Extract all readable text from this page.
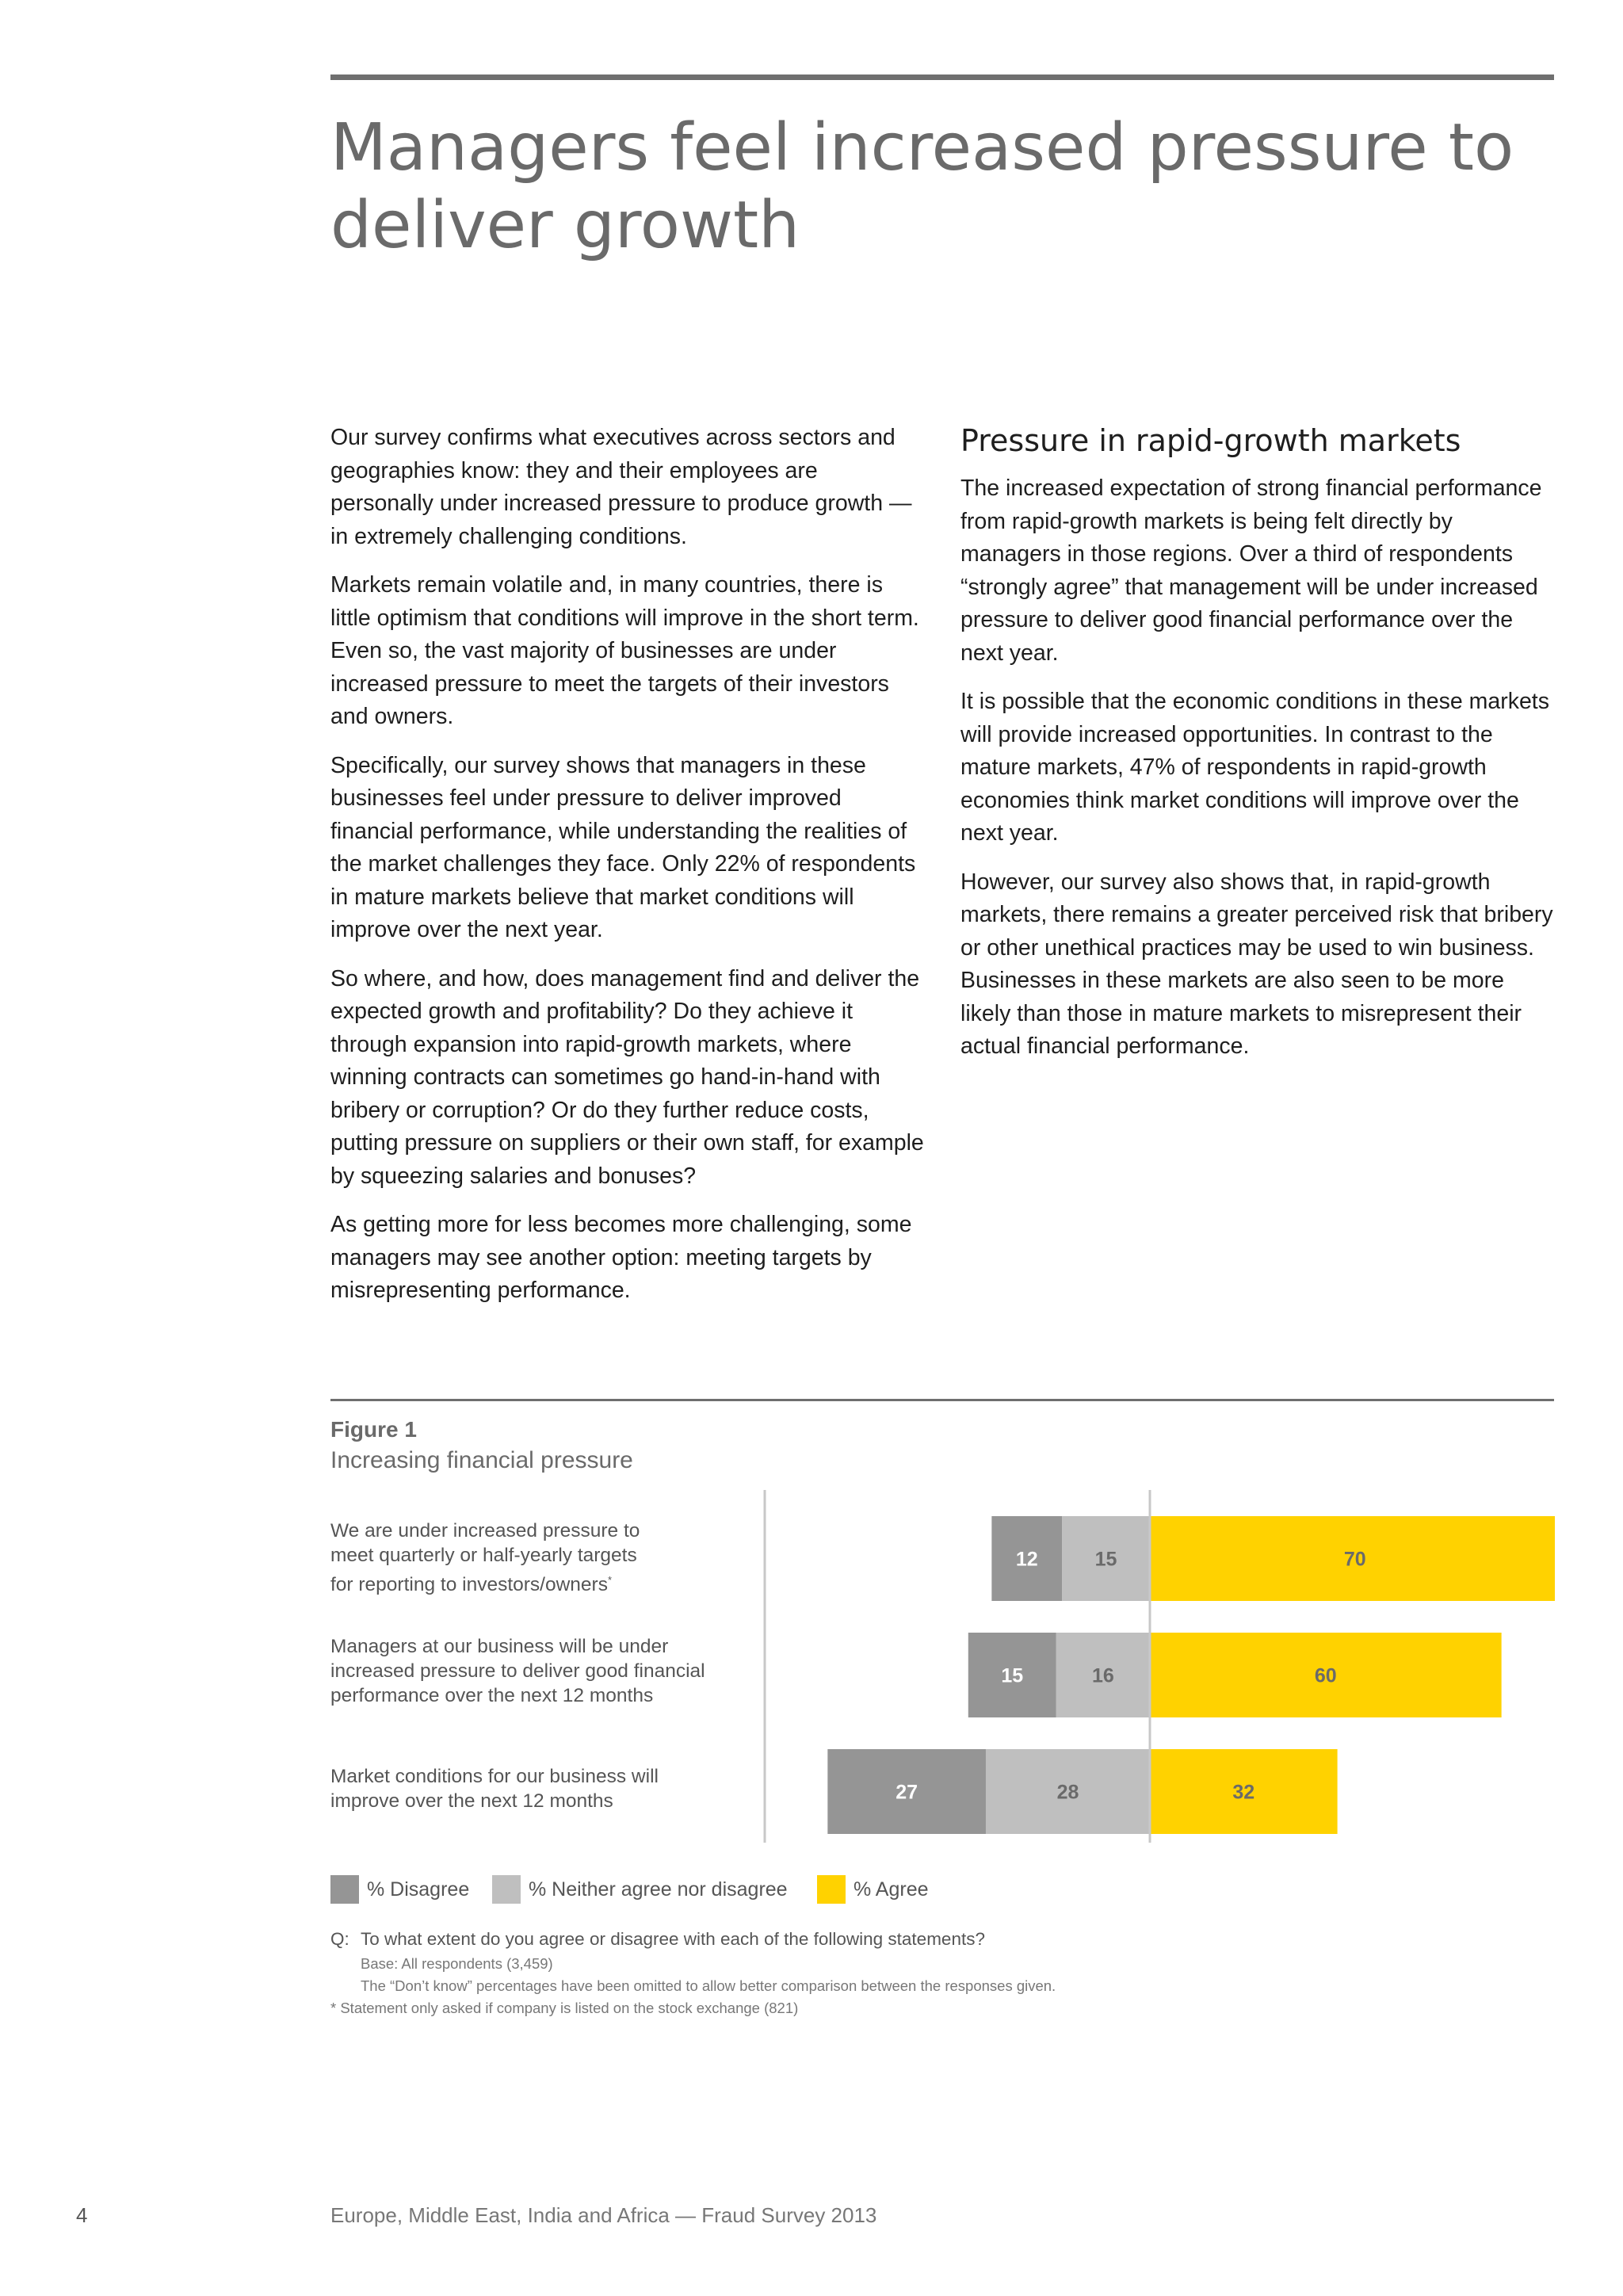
Managers feel increased pressure to deliver growth

Our survey confirms what executives across sectors and geographies know: they and their employees are personally under increased pressure to produce growth — in extremely challenging conditions.

Markets remain volatile and, in many countries, there is little optimism that conditions will improve in the short term. Even so, the vast majority of businesses are under increased pressure to meet the targets of their investors and owners.

Specifically, our survey shows that managers in these businesses feel under pressure to deliver improved financial performance, while understanding the realities of the market challenges they face. Only 22% of respondents in mature markets believe that market conditions will improve over the next year.

So where, and how, does management find and deliver the expected growth and profitability? Do they achieve it through expansion into rapid-growth markets, where winning contracts can sometimes go hand-in-hand with bribery or corruption? Or do they further reduce costs, putting pressure on suppliers or their own staff, for example by squeezing salaries and bonuses?

As getting more for less becomes more challenging, some managers may see another option: meeting targets by misrepresenting performance.

Pressure in rapid-growth markets

The increased expectation of strong financial performance from rapid-growth markets is being felt directly by managers in those regions. Over a third of respondents “strongly agree” that management will be under increased pressure to deliver good financial performance over the next year.

It is possible that the economic conditions in these markets will provide increased opportunities. In contrast to the mature markets, 47% of respondents in rapid-growth economies think market conditions will improve over the next year.

However, our survey also shows that, in rapid-growth markets, there remains a greater perceived risk that bribery or other unethical practices may be used to win business. Businesses in these markets are also seen to be more likely than those in mature markets to misrepresent their actual financial performance.

Figure 1
Increasing financial pressure
We are under increased pressure to
meet quarterly or half-yearly targets
for reporting to investors/owners*
Managers at our business will be under
increased pressure to deliver good financial
performance over the next 12 months
Market conditions for our business will
improve over the next 12 months
70
15
12
60
16
15
32
28
27
% Disagree	% Neither agree nor disagree	% Agree
Q: To what extent do you agree or disagree with each of the following statements?
Base: All respondents (3,459)
The “Don’t know” percentages have been omitted to allow better comparison between the responses given.
* Statement only asked if company is listed on the stock exchange (821)
4	Europe, Middle East, India and Africa — Fraud Survey 2013
